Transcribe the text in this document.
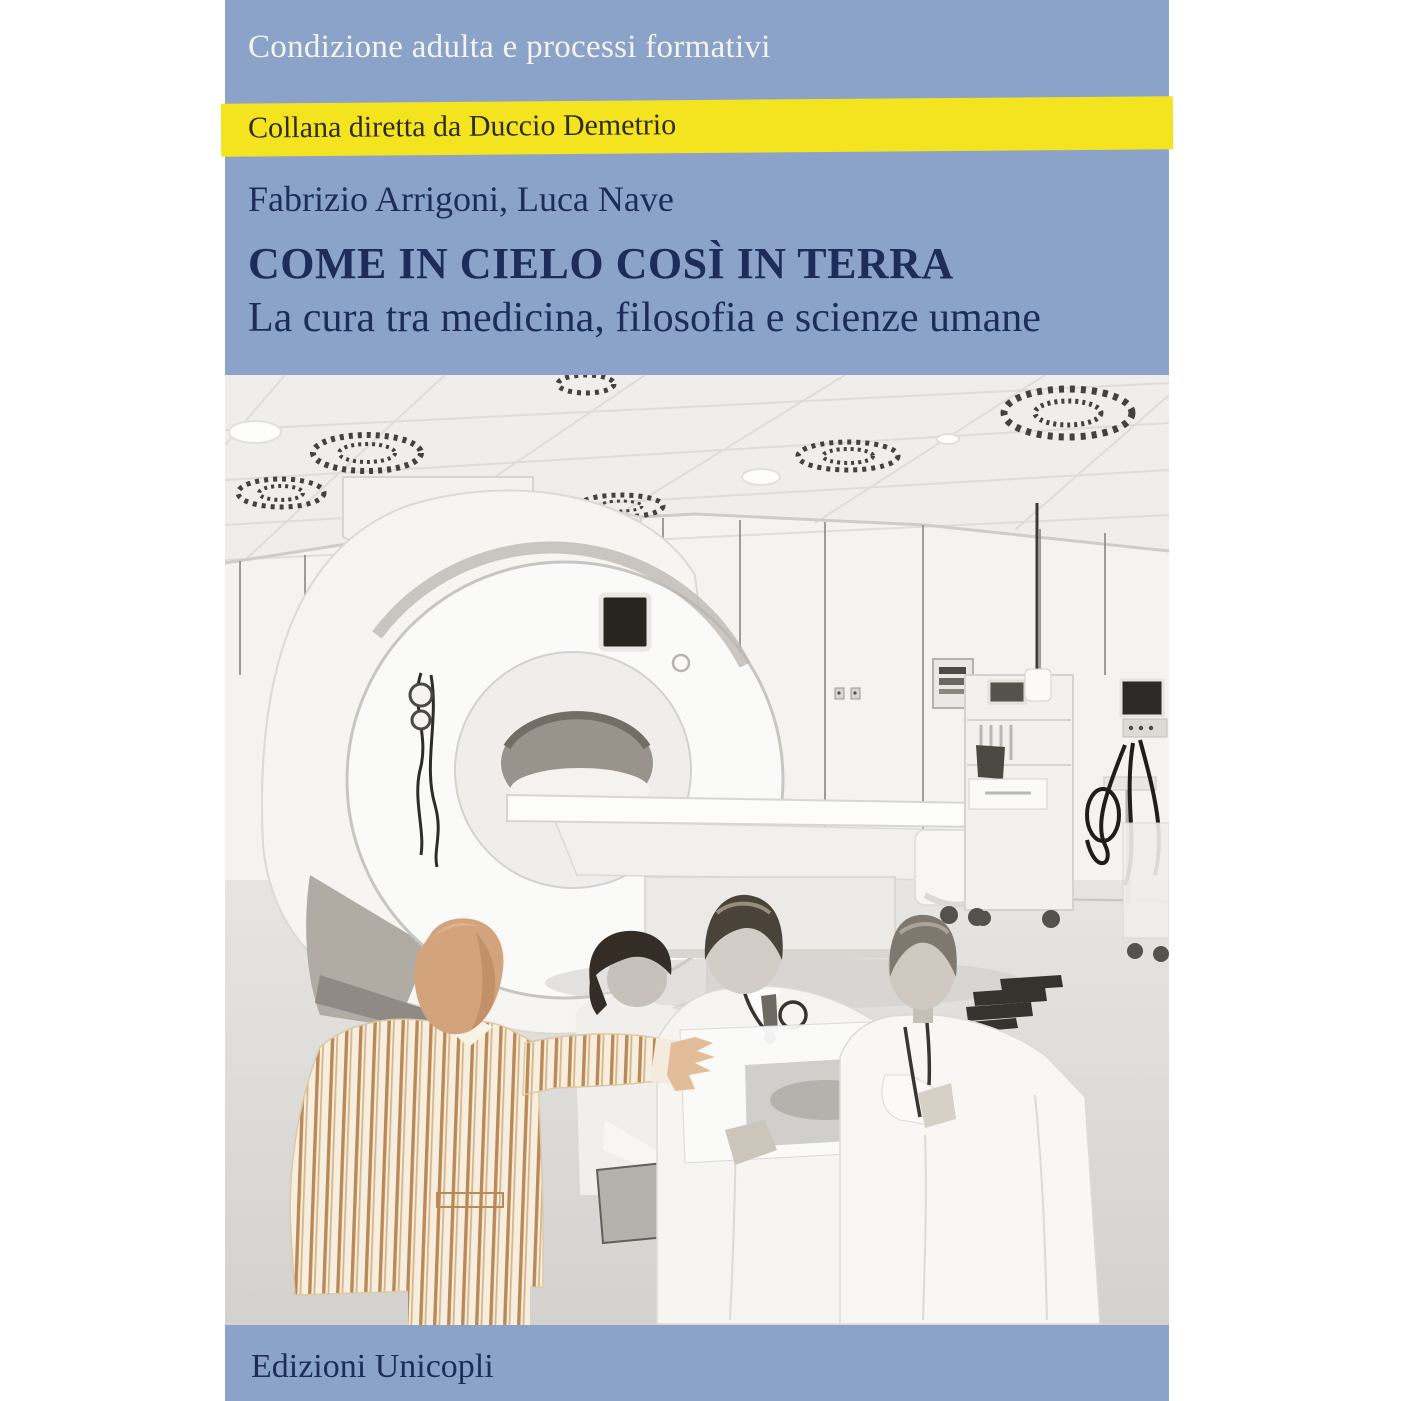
Condizione adulta e processi formativi
Collana diretta da Duccio Demetrio
Fabrizio Arrigoni, Luca Nave
COME IN CIELO COSÌ IN TERRA
La cura tra medicina, filosofia e scienze umane
Edizioni Unicopli
